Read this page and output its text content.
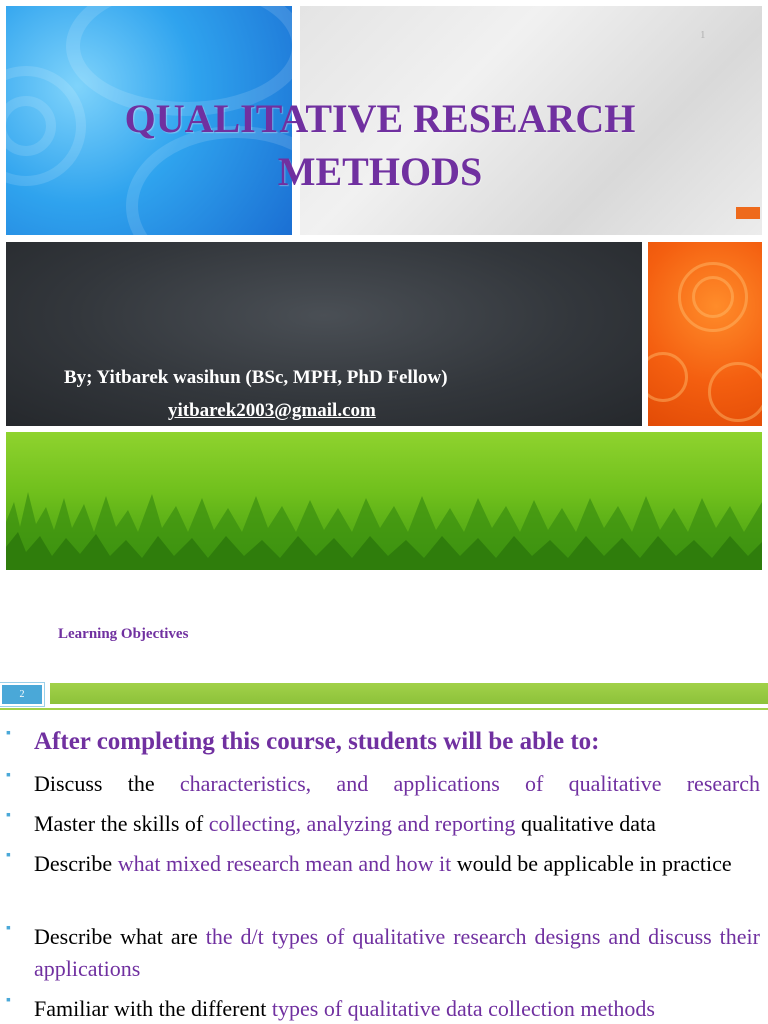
1
QUALITATIVE RESEARCH METHODS
By; Yitbarek wasihun (BSc, MPH, PhD Fellow)
yitbarek2003@gmail.com
Learning Objectives
2
▪ After completing this course, students will be able to:
▪ Discuss the characteristics, and applications of qualitative research
▪ Master the skills of collecting, analyzing and reporting qualitative data
▪ Describe what mixed research mean and how it would be applicable in practice
▪ Describe what are the d/t types of qualitative research designs and discuss their applications
▪ Familiar with the different types of qualitative data collection methods
